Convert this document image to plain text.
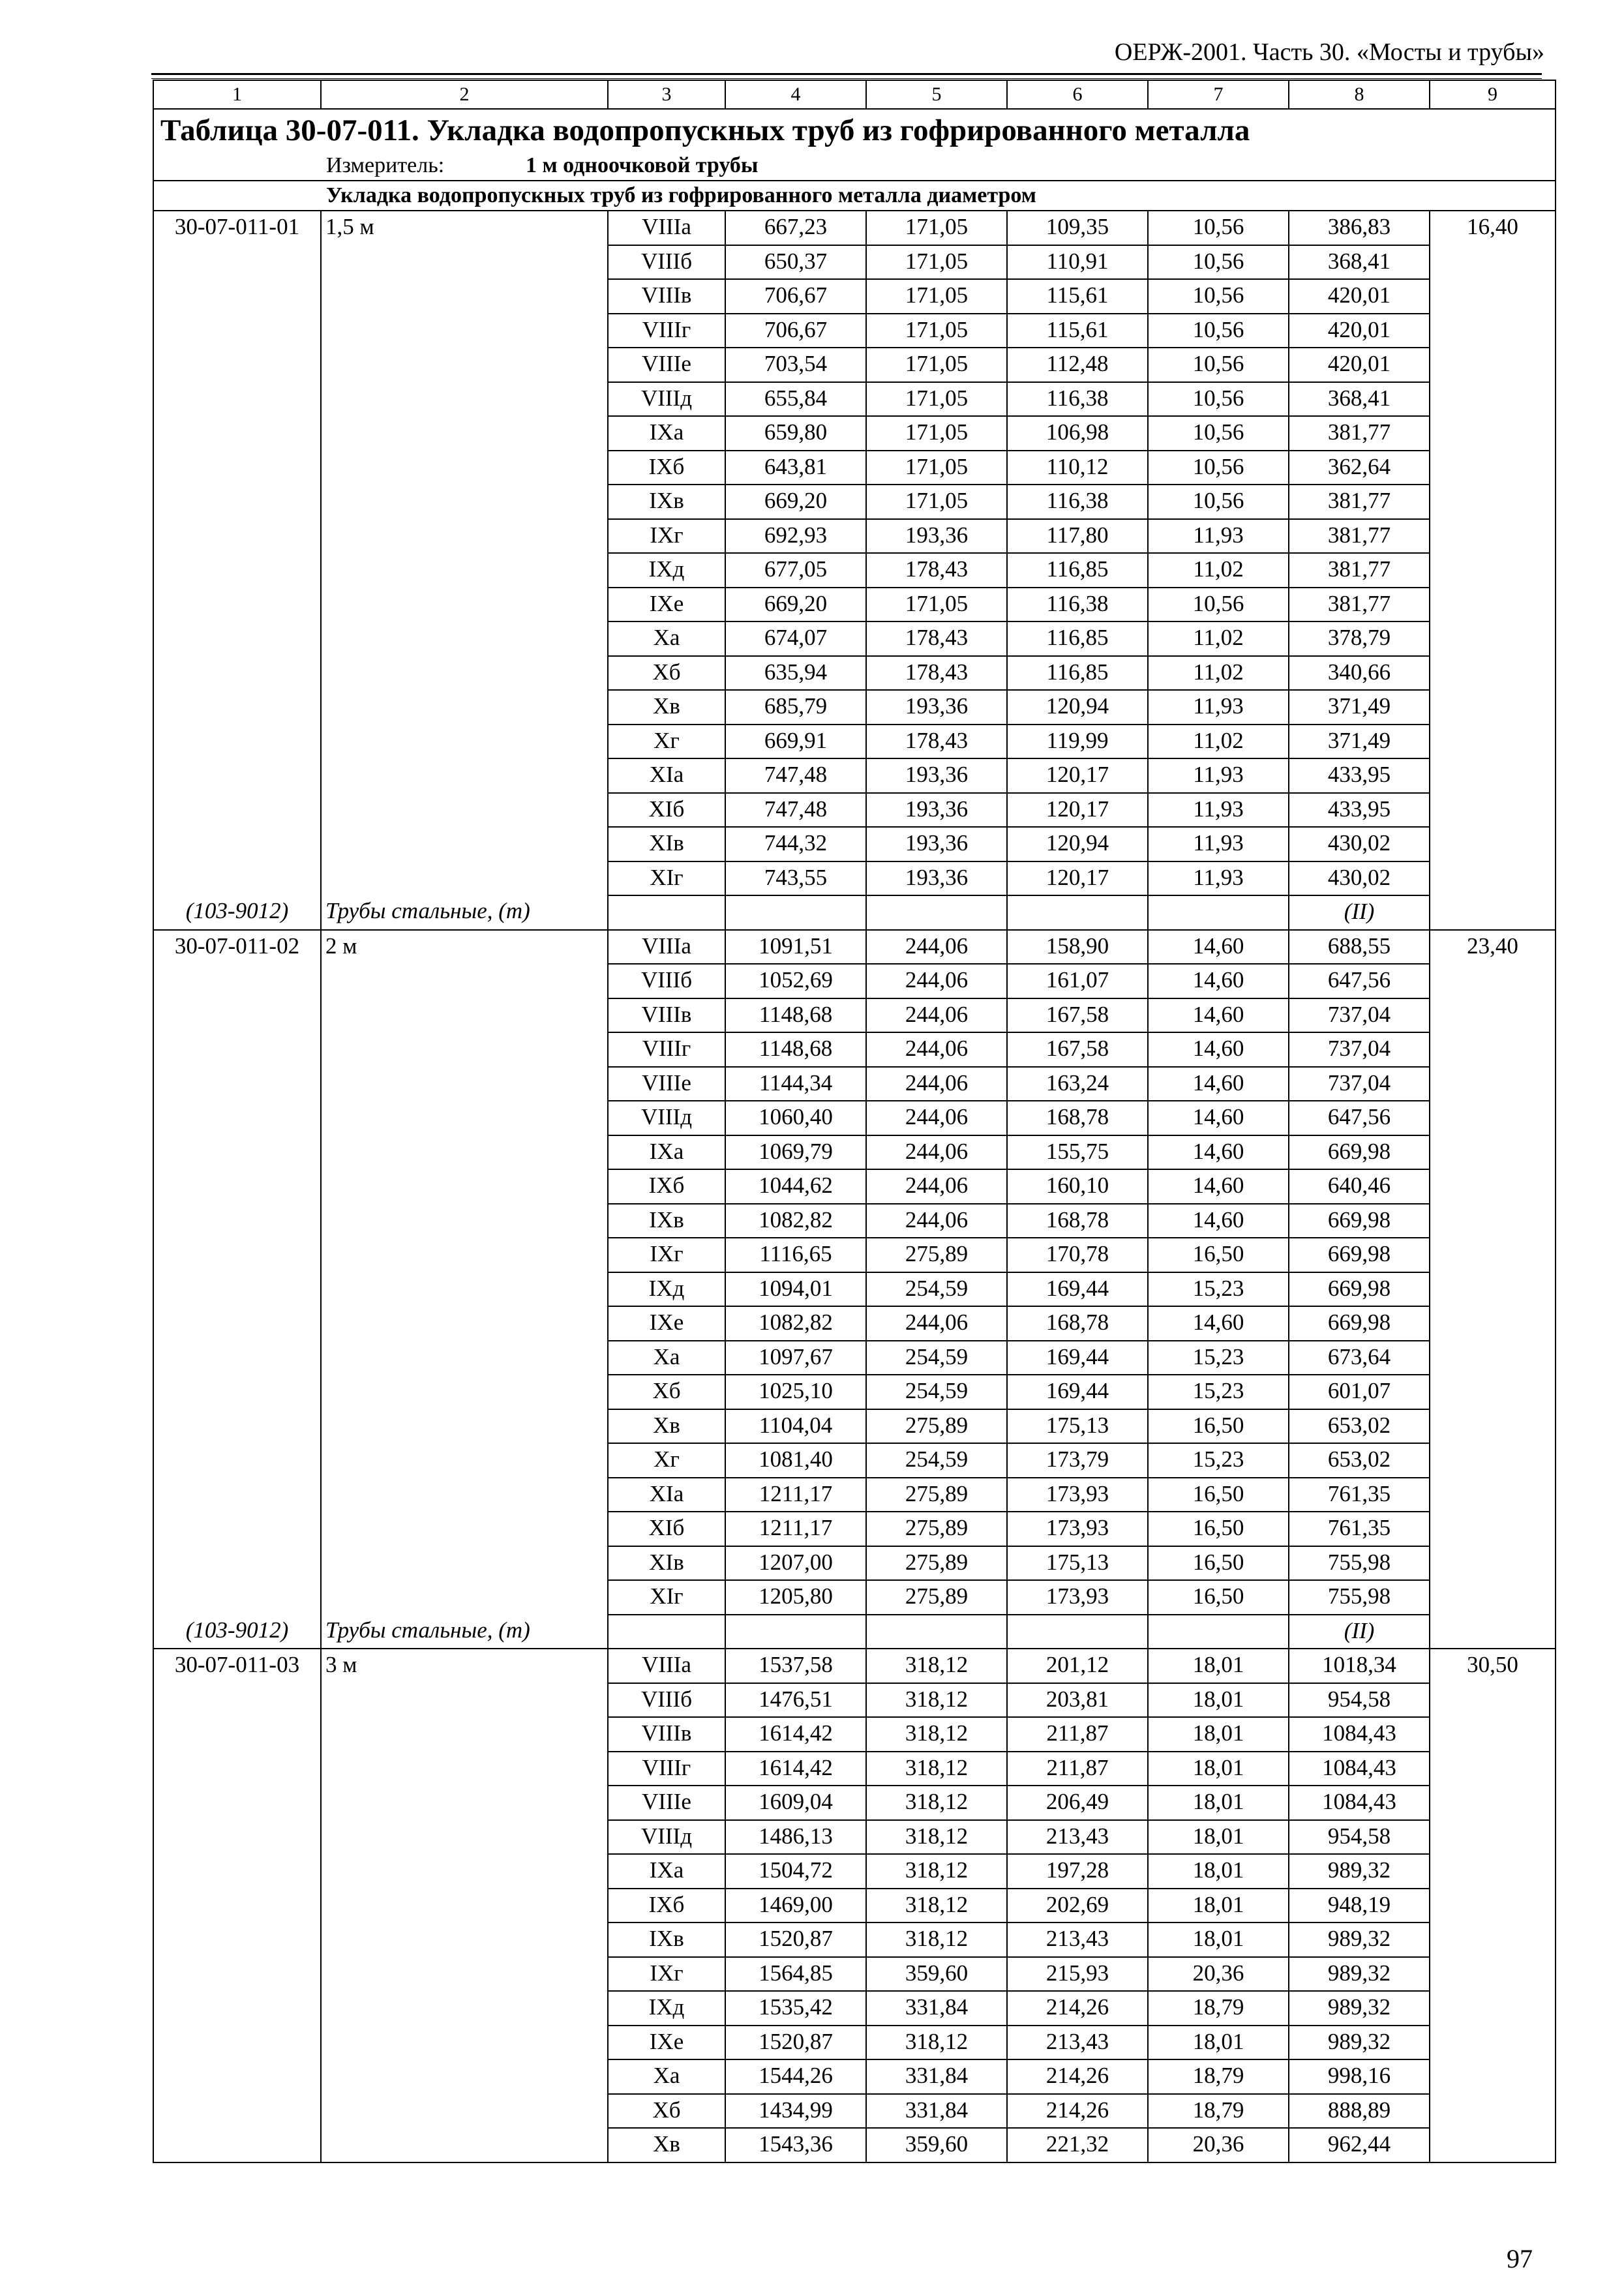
ОЕРЖ-2001. Часть 30. «Мосты и трубы»
1	2	3	4	5	6	7	8	9
Таблица 30-07-011. Укладка водопропускных труб из гофрированного металла								
Измеритель: 1 м одноочковой трубы								
Укладка водопропускных труб из гофрированного металла диаметром								
30-07-011-01	1,5 м	VIIIа	667,23	171,05	109,35	10,56	386,83	16,40
		VIIIб	650,37	171,05	110,91	10,56	368,41	
		VIIIв	706,67	171,05	115,61	10,56	420,01	
		VIIIг	706,67	171,05	115,61	10,56	420,01	
		VIIIе	703,54	171,05	112,48	10,56	420,01	
		VIIIд	655,84	171,05	116,38	10,56	368,41	
		IXа	659,80	171,05	106,98	10,56	381,77	
		IXб	643,81	171,05	110,12	10,56	362,64	
		IXв	669,20	171,05	116,38	10,56	381,77	
		IXг	692,93	193,36	117,80	11,93	381,77	
		IXд	677,05	178,43	116,85	11,02	381,77	
		IXе	669,20	171,05	116,38	10,56	381,77	
		Xа	674,07	178,43	116,85	11,02	378,79	
		Xб	635,94	178,43	116,85	11,02	340,66	
		Xв	685,79	193,36	120,94	11,93	371,49	
		Xг	669,91	178,43	119,99	11,02	371,49	
		XIа	747,48	193,36	120,17	11,93	433,95	
		XIб	747,48	193,36	120,17	11,93	433,95	
		XIв	744,32	193,36	120,94	11,93	430,02	
		XIг	743,55	193,36	120,17	11,93	430,02	
(103-9012)	Трубы стальные, (т)						(II)	
30-07-011-02	2 м	VIIIа	1091,51	244,06	158,90	14,60	688,55	23,40
		VIIIб	1052,69	244,06	161,07	14,60	647,56	
		VIIIв	1148,68	244,06	167,58	14,60	737,04	
		VIIIг	1148,68	244,06	167,58	14,60	737,04	
		VIIIе	1144,34	244,06	163,24	14,60	737,04	
		VIIIд	1060,40	244,06	168,78	14,60	647,56	
		IXа	1069,79	244,06	155,75	14,60	669,98	
		IXб	1044,62	244,06	160,10	14,60	640,46	
		IXв	1082,82	244,06	168,78	14,60	669,98	
		IXг	1116,65	275,89	170,78	16,50	669,98	
		IXд	1094,01	254,59	169,44	15,23	669,98	
		IXе	1082,82	244,06	168,78	14,60	669,98	
		Xа	1097,67	254,59	169,44	15,23	673,64	
		Xб	1025,10	254,59	169,44	15,23	601,07	
		Xв	1104,04	275,89	175,13	16,50	653,02	
		Xг	1081,40	254,59	173,79	15,23	653,02	
		XIа	1211,17	275,89	173,93	16,50	761,35	
		XIб	1211,17	275,89	173,93	16,50	761,35	
		XIв	1207,00	275,89	175,13	16,50	755,98	
		XIг	1205,80	275,89	173,93	16,50	755,98	
(103-9012)	Трубы стальные, (т)						(II)	
30-07-011-03	3 м	VIIIа	1537,58	318,12	201,12	18,01	1018,34	30,50
		VIIIб	1476,51	318,12	203,81	18,01	954,58	
		VIIIв	1614,42	318,12	211,87	18,01	1084,43	
		VIIIг	1614,42	318,12	211,87	18,01	1084,43	
		VIIIе	1609,04	318,12	206,49	18,01	1084,43	
		VIIIд	1486,13	318,12	213,43	18,01	954,58	
		IXа	1504,72	318,12	197,28	18,01	989,32	
		IXб	1469,00	318,12	202,69	18,01	948,19	
		IXв	1520,87	318,12	213,43	18,01	989,32	
		IXг	1564,85	359,60	215,93	20,36	989,32	
		IXд	1535,42	331,84	214,26	18,79	989,32	
		IXе	1520,87	318,12	213,43	18,01	989,32	
		Xа	1544,26	331,84	214,26	18,79	998,16	
		Xб	1434,99	331,84	214,26	18,79	888,89	
		Xв	1543,36	359,60	221,32	20,36	962,44	
97
